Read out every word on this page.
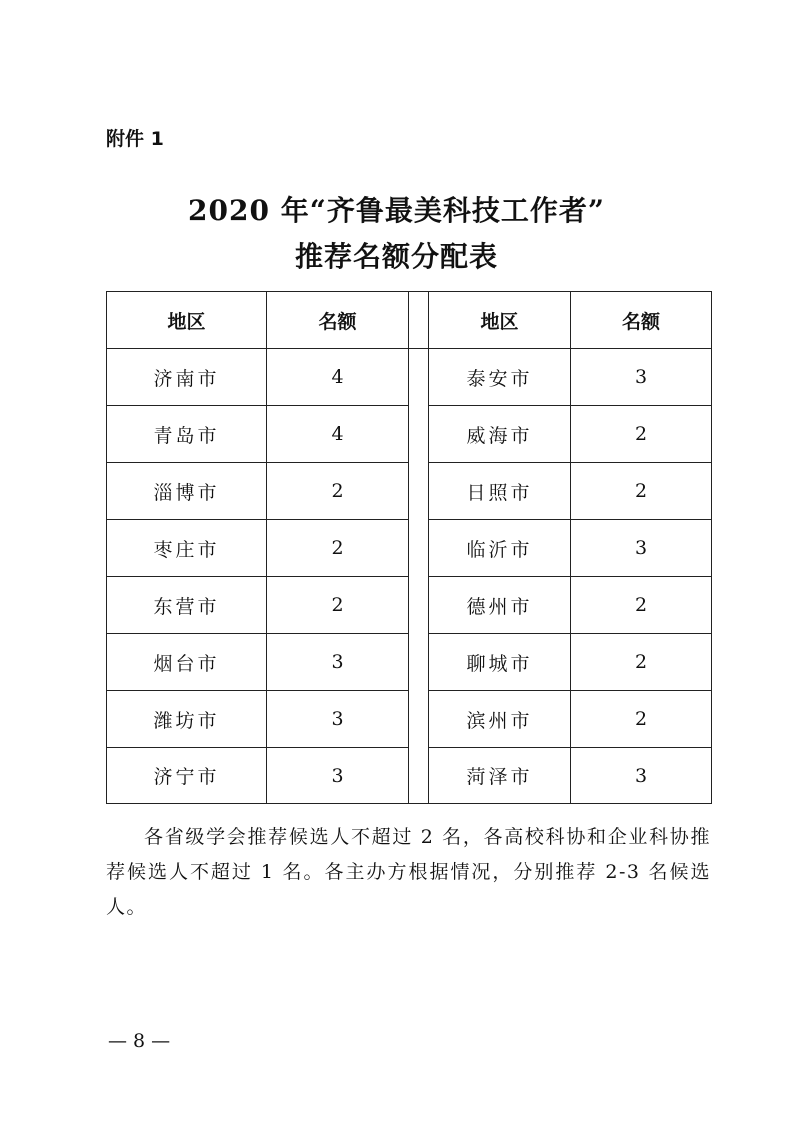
附件 1

2020 年“齐鲁最美科技工作者”
推荐名额分配表
地区	名额		地区	名额
济南市	4		泰安市	3
青岛市	4		威海市	2
淄博市	2		日照市	2
枣庄市	2		临沂市	3
东营市	2		德州市	2
烟台市	3		聊城市	2
潍坊市	3		滨州市	2
济宁市	3		菏泽市	3

各省级学会推荐候选人不超过 2 名，各高校科协和企业科协推荐候选人不超过 1 名。各主办方根据情况，分别推荐 2-3 名候选人。

— 8 —
